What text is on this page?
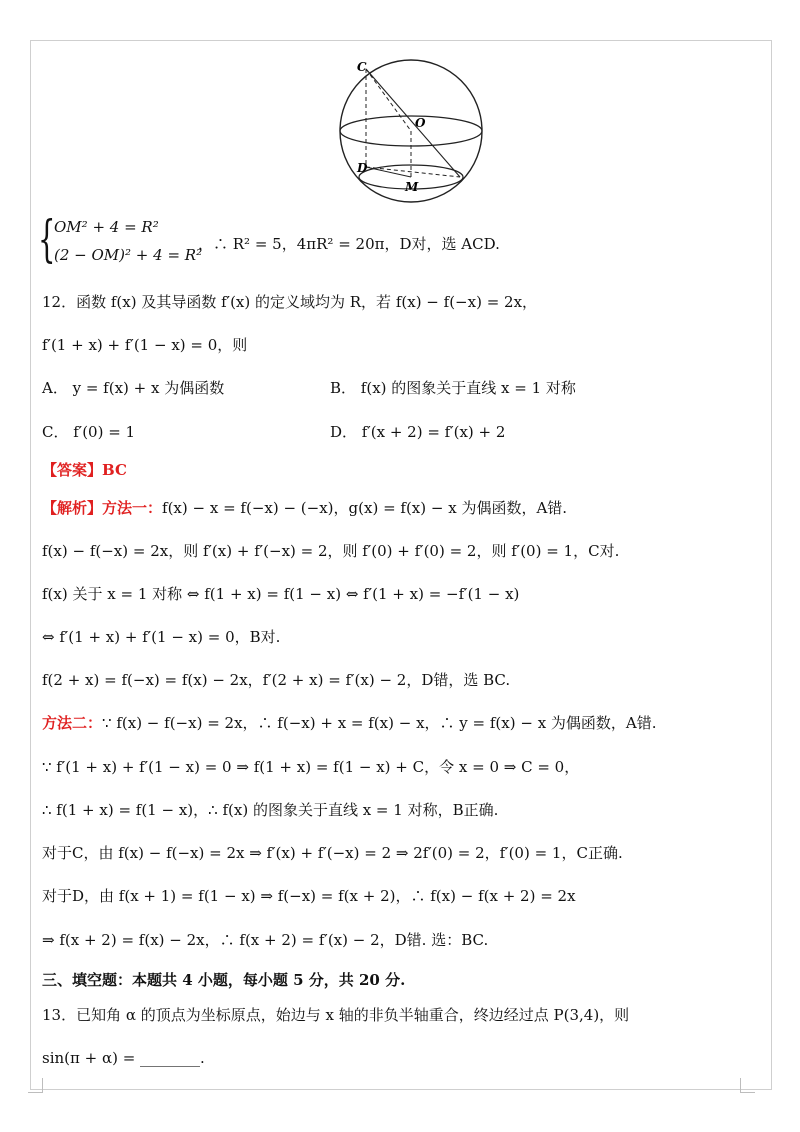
C
O
D
M
{
OM² + 4 = R²
(2 − OM)² + 4 = R²
，∴ R² = 5，4πR² = 20π，D对，选 ACD.
12．函数 f(x) 及其导函数 f′(x) 的定义域均为 R，若 f(x) − f(−x) = 2x，
f′(1 + x) + f′(1 − x) = 0，则
A． y = f(x) + x 为偶函数	B． f(x) 的图象关于直线 x = 1 对称
C． f′(0) = 1	D． f′(x + 2) = f′(x) + 2
【答案】BC
【解析】方法一：f(x) − x = f(−x) − (−x)，g(x) = f(x) − x 为偶函数，A错.
f(x) − f(−x) = 2x，则 f′(x) + f′(−x) = 2，则 f′(0) + f′(0) = 2，则 f′(0) = 1，C对.
f(x) 关于 x = 1 对称 ⇔ f(1 + x) = f(1 − x) ⇔ f′(1 + x) = −f′(1 − x)
⇔ f′(1 + x) + f′(1 − x) = 0，B对.
f(2 + x) = f(−x) = f(x) − 2x，f′(2 + x) = f′(x) − 2，D错，选 BC.
方法二：∵ f(x) − f(−x) = 2x，∴ f(−x) + x = f(x) − x，∴ y = f(x) − x 为偶函数，A错.
∵ f′(1 + x) + f′(1 − x) = 0 ⇒ f(1 + x) = f(1 − x) + C，令 x = 0 ⇒ C = 0，
∴ f(1 + x) = f(1 − x)，∴ f(x) 的图象关于直线 x = 1 对称，B正确.
对于C，由 f(x) − f(−x) = 2x ⇒ f′(x) + f′(−x) = 2 ⇒ 2f′(0) = 2，f′(0) = 1，C正确.
对于D，由 f(x + 1) = f(1 − x) ⇒ f(−x) = f(x + 2)，∴ f(x) − f(x + 2) = 2x
⇒ f(x + 2) = f(x) − 2x，∴ f(x + 2) = f′(x) − 2，D错. 选：BC.
三、填空题：本题共 4 小题，每小题 5 分，共 20 分.
13．已知角 α 的顶点为坐标原点，始边与 x 轴的非负半轴重合，终边经过点 P(3,4)，则
sin(π + α) = ________.
